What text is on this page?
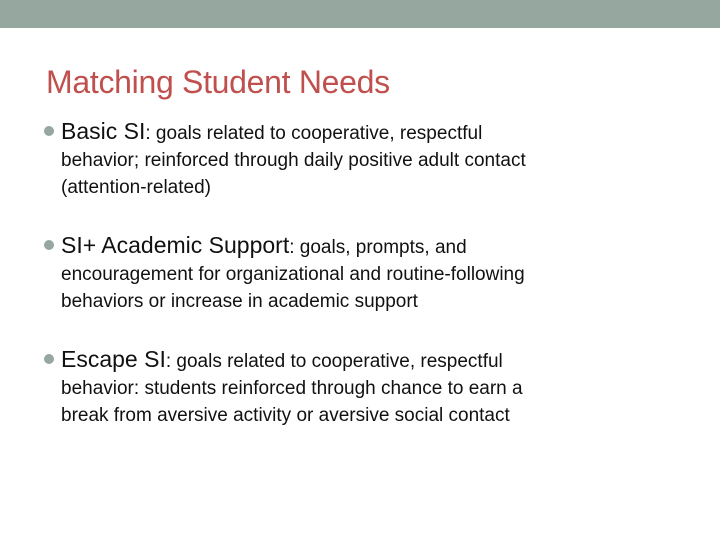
Matching Student Needs
Basic SI: goals related to cooperative, respectful
behavior; reinforced through daily positive adult contact
(attention-related)
SI+ Academic Support: goals, prompts, and
encouragement for organizational and routine-following
behaviors or increase in academic support
Escape SI: goals related to cooperative, respectful
behavior: students reinforced through chance to earn a
break from aversive activity or aversive social contact
